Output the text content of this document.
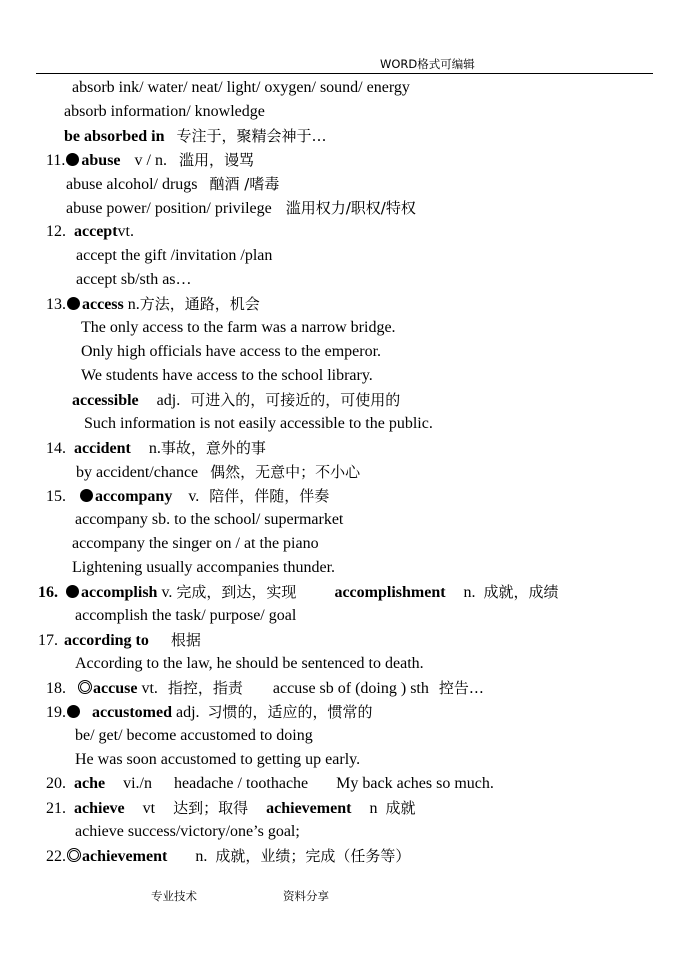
WORD格式可编辑
absorb ink/ water/ neat/ light/ oxygen/ sound/ energy
absorb information/ knowledge
be absorbed in 专注于，聚精会神于…
11. abuse v / n. 滥用，谩骂
abuse alcohol/ drugs 酗酒 /嗜毒
abuse power/ position/ privilege 滥用权力/职权/特权
12. acceptvt.
accept the gift /invitation /plan
accept sb/sth as…
13. access n.方法，通路，机会
The only access to the farm was a narrow bridge.
Only high officials have access to the emperor.
We students have access to the school library.
accessible adj. 可进入的，可接近的，可使用的
Such information is not easily accessible to the public.
14. accident n.事故，意外的事
by accident/chance 偶然，无意中；不小心
15. accompany v. 陪伴，伴随，伴奏
accompany sb. to the school/ supermarket
accompany the singer on / at the piano
Lightening usually accompanies thunder.
16. accomplish v. 完成，到达，实现 accomplishment n. 成就，成绩
accomplish the task/ purpose/ goal
17. according to 根据
According to the law, he should be sentenced to death.
18. accuse vt. 指控，指责 accuse sb of (doing ) sth 控告…
19. accustomed adj. 习惯的，适应的，惯常的
be/ get/ become accustomed to doing
He was soon accustomed to getting up early.
20. ache vi./n headache / toothache My back aches so much.
21. achieve vt 达到；取得 achievement n 成就
achieve success/victory/one’s goal;
22. achievement n. 成就，业绩；完成（任务等）
专业技术	资料分享
